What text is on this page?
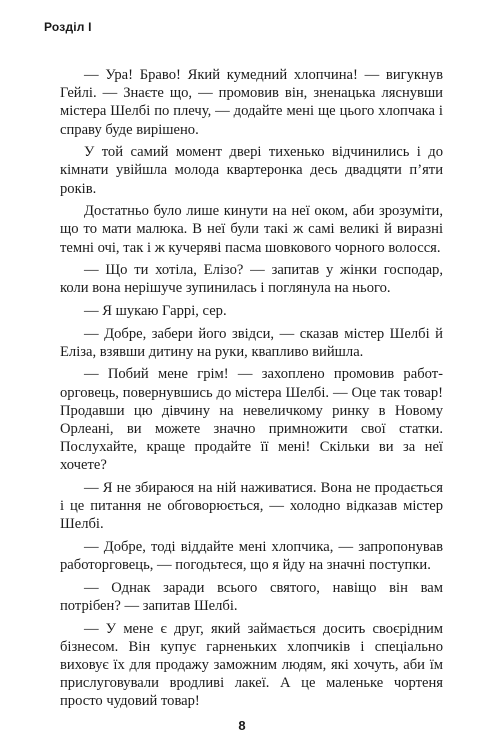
Розділ І

— Ура! Браво! Який кумедний хлопчина! — вигукнув Гейлі. — Знаєте що, — промовив він, зненацька ляснувши містера Шелбі по плечу, — додайте мені ще цього хлопчака і справу буде вирішено.

У той самий момент двері тихенько відчинились і до кімнати увійшла молода квартеронка десь двадцяти п’яти років.

Достатньо було лише кинути на неї оком, аби зрозуміти, що то мати малюка. В неї були такі ж самі великі й виразні темні очі, так і ж кучеряві пасма шовкового чорного волосся.

— Що ти хотіла, Елізо? — запитав у жінки господар, коли вона нерішуче зупинилась і поглянула на нього.

— Я шукаю Гаррі, сер.

— Добре, забери його звідси, — сказав містер Шелбі й Еліза, взявши дитину на руки, квапливо вийшла.

— Побий мене грім! — захоплено промовив работорговець, повернувшись до містера Шелбі. — Оце так товар! Продавши цю дівчину на невеличкому ринку в Новому Орлеані, ви можете значно примножити свої статки. Послухайте, краще продайте її мені! Скільки ви за неї хочете?

— Я не збираюся на ній наживатися. Вона не продається і це питання не обговорюється, — холодно відказав містер Шелбі.

— Добре, тоді віддайте мені хлопчика, — запропонував работорговець, — погодьтеся, що я йду на значні поступки.

— Однак заради всього святого, навіщо він вам потрібен? — запитав Шелбі.

— У мене є друг, який займається досить своєрідним бізнесом. Він купує гарненьких хлопчиків і спеціально виховує їх для продажу заможним людям, які хочуть, аби їм прислуговували вродливі лакеї. А це маленьке чортеня просто чудовий товар!

8
